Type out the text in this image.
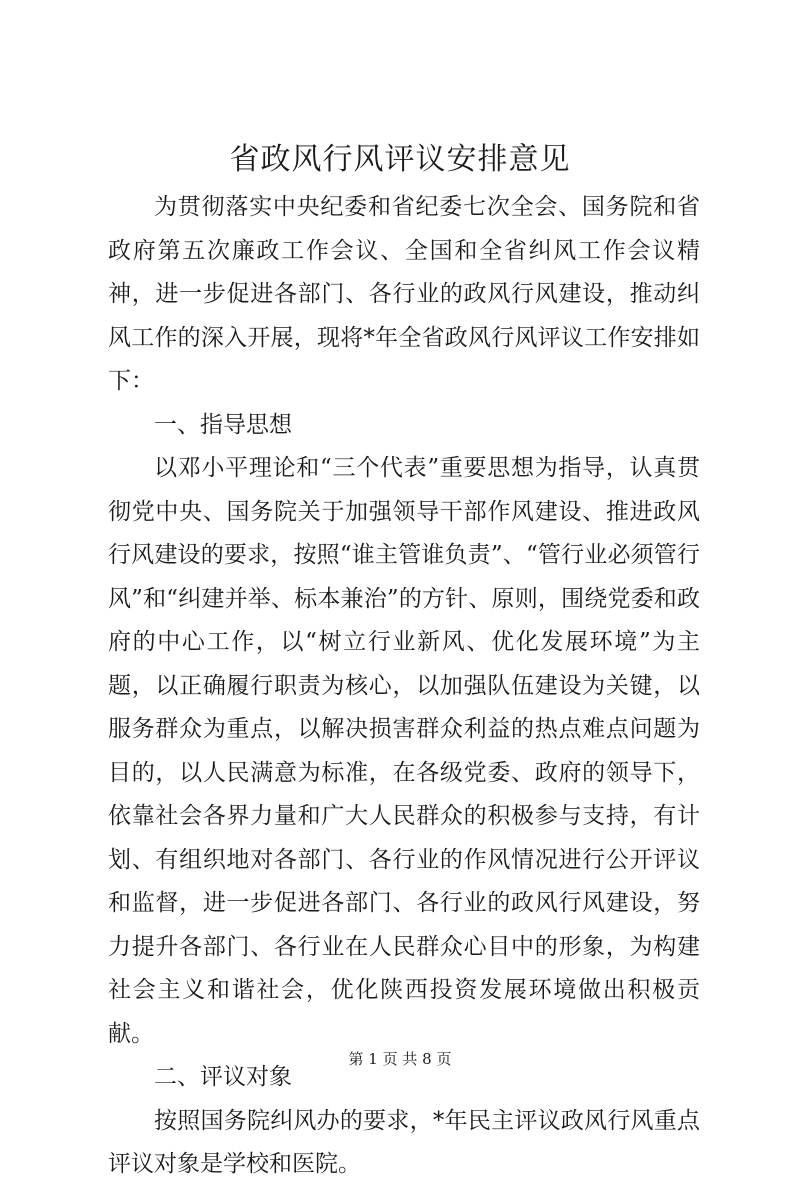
省政风行风评议安排意见

为贯彻落实中央纪委和省纪委七次全会、国务院和省政府第五次廉政工作会议、全国和全省纠风工作会议精神，进一步促进各部门、各行业的政风行风建设，推动纠风工作的深入开展，现将*年全省政风行风评议工作安排如下：

一、指导思想

以邓小平理论和“三个代表”重要思想为指导，认真贯彻党中央、国务院关于加强领导干部作风建设、推进政风行风建设的要求，按照“谁主管谁负责”、“管行业必须管行风”和“纠建并举、标本兼治”的方针、原则，围绕党委和政府的中心工作，以“树立行业新风、优化发展环境”为主题，以正确履行职责为核心，以加强队伍建设为关键，以服务群众为重点，以解决损害群众利益的热点难点问题为目的，以人民满意为标准，在各级党委、政府的领导下，依靠社会各界力量和广大人民群众的积极参与支持，有计划、有组织地对各部门、各行业的作风情况进行公开评议和监督，进一步促进各部门、各行业的政风行风建设，努力提升各部门、各行业在人民群众心目中的形象，为构建社会主义和谐社会，优化陕西投资发展环境做出积极贡献。

二、评议对象

按照国务院纠风办的要求，*年民主评议政风行风重点评议对象是学校和医院。

第 1 页 共 8 页
